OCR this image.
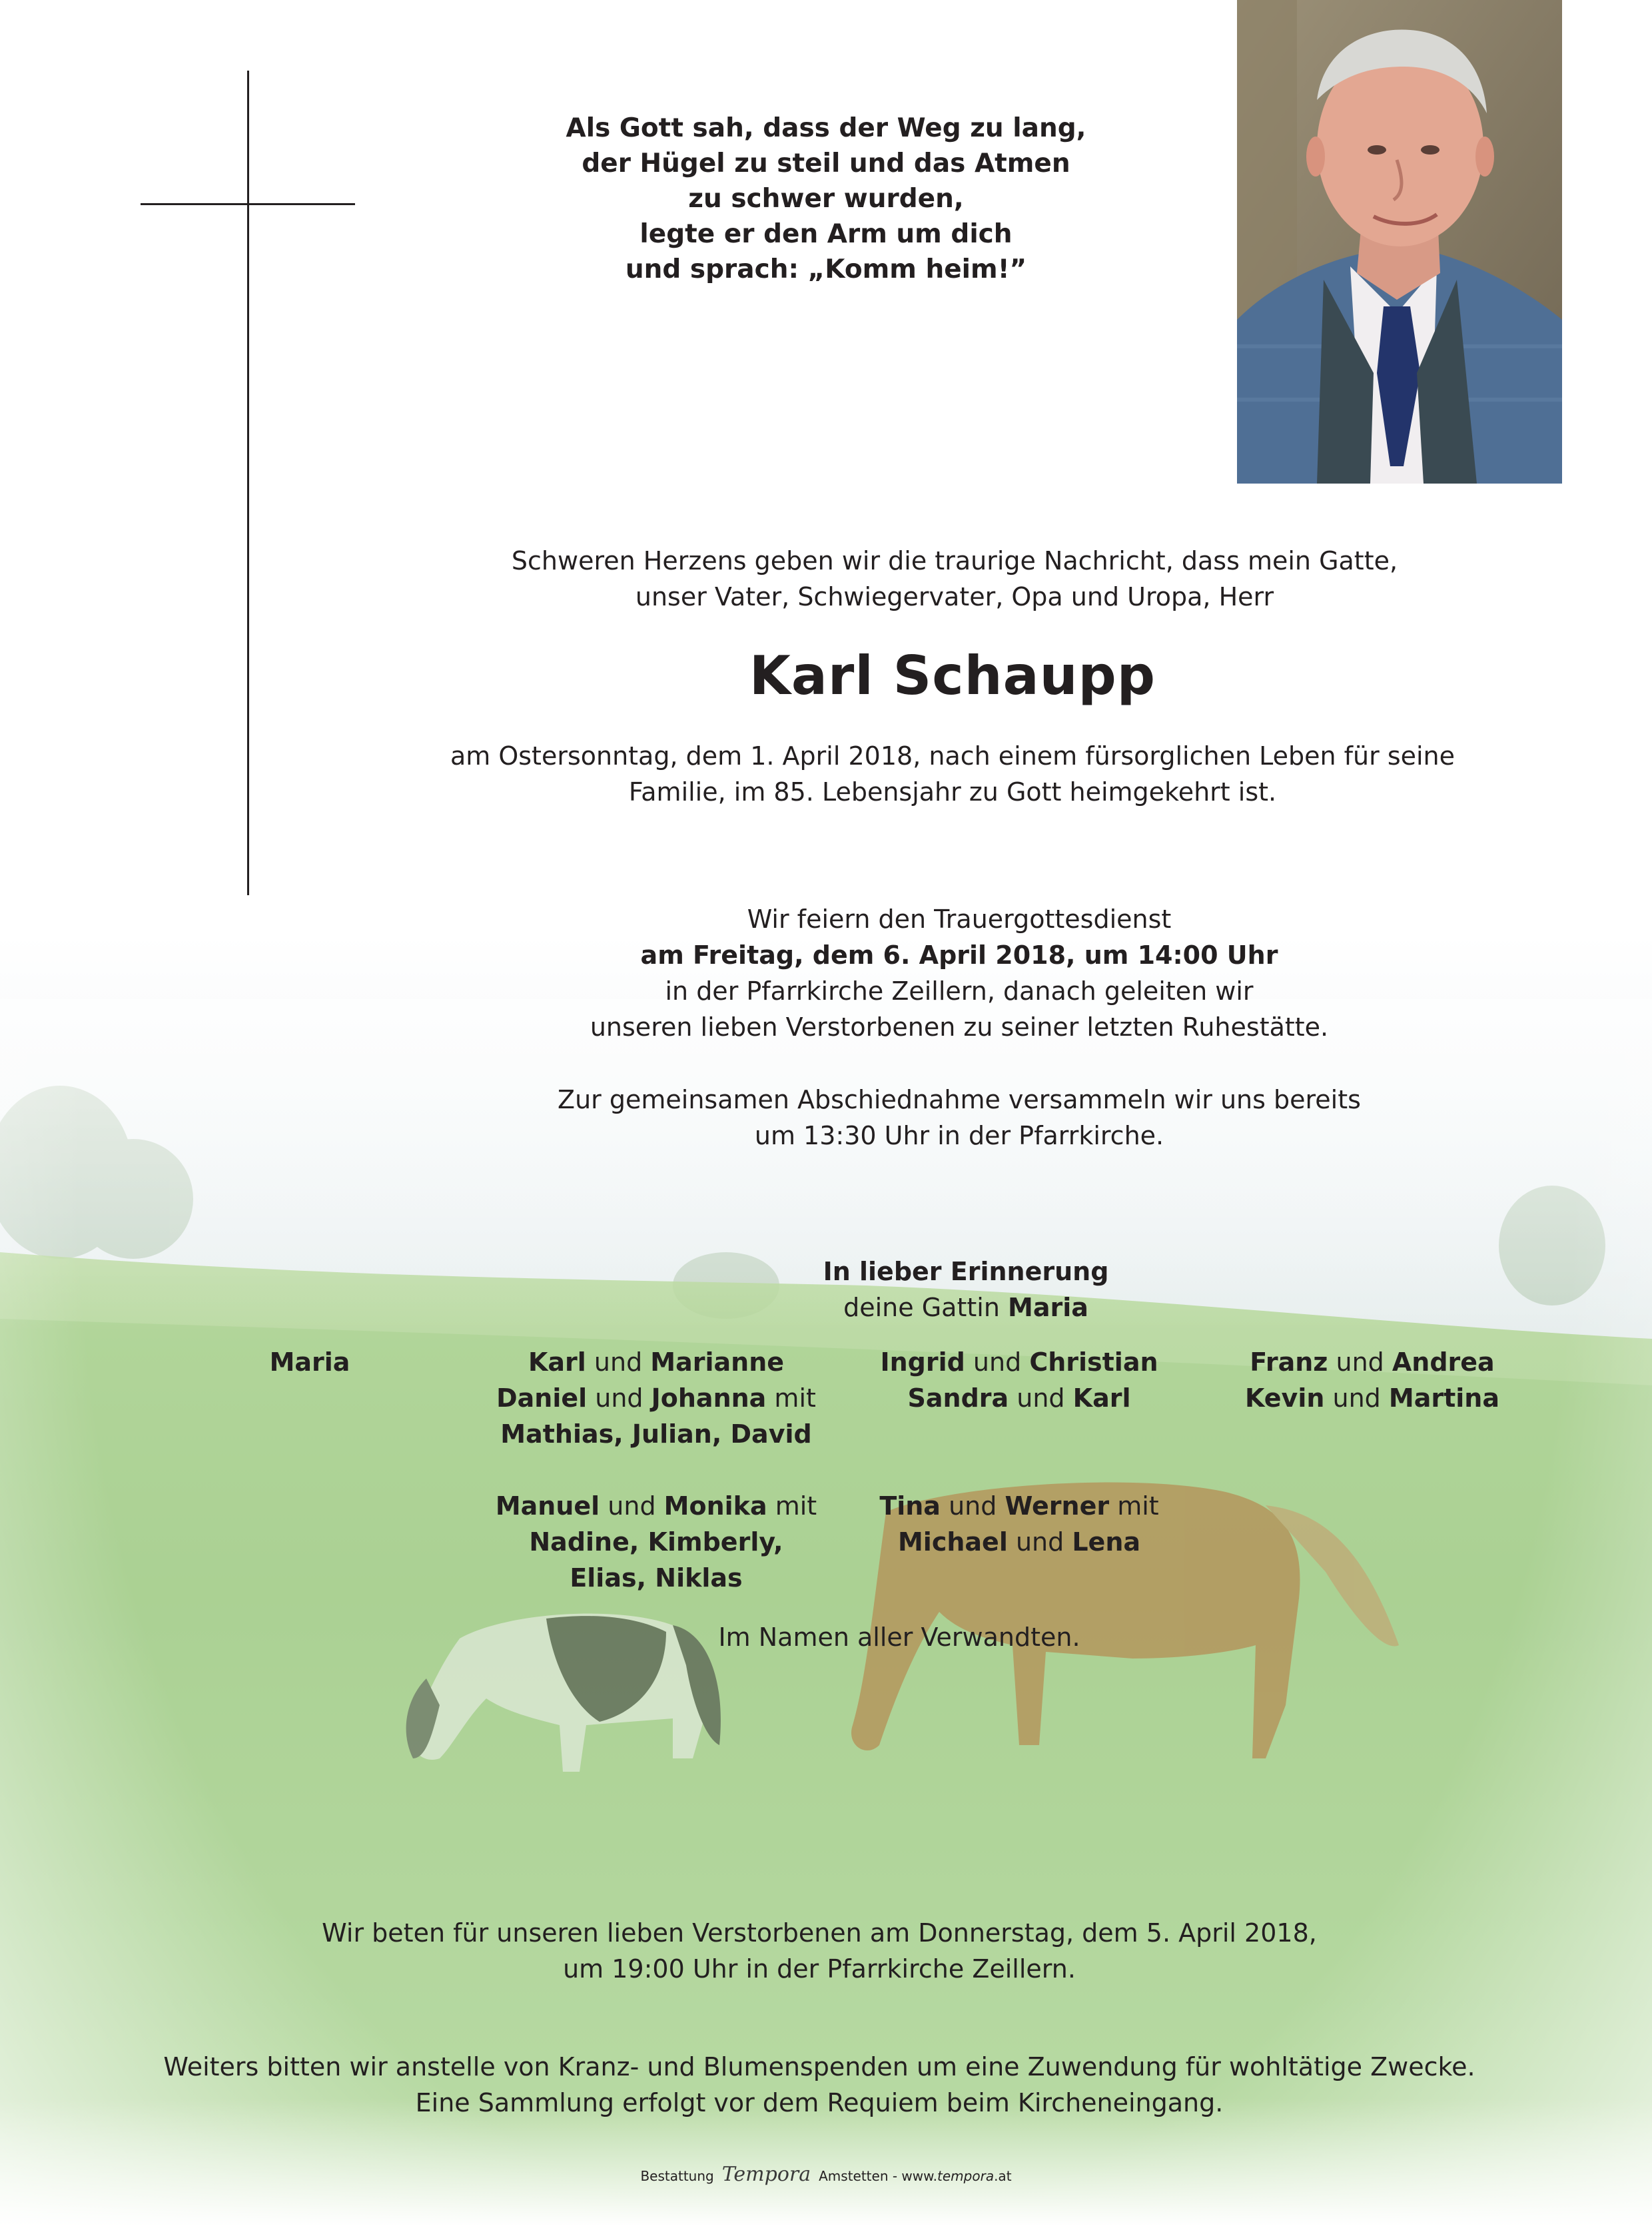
Als Gott sah, dass der Weg zu lang,
der Hügel zu steil und das Atmen
zu schwer wurden,
legte er den Arm um dich
und sprach: „Komm heim!”
Schweren Herzens geben wir die traurige Nachricht, dass mein Gatte,
unser Vater, Schwiegervater, Opa und Uropa, Herr
Karl Schaupp
am Ostersonntag, dem 1. April 2018, nach einem fürsorglichen Leben für seine
Familie, im 85. Lebensjahr zu Gott heimgekehrt ist.
Wir feiern den Trauergottesdienst
am Freitag, dem 6. April 2018, um 14:00 Uhr
in der Pfarrkirche Zeillern, danach geleiten wir
unseren lieben Verstorbenen zu seiner letzten Ruhestätte.
Zur gemeinsamen Abschiednahme versammeln wir uns bereits
um 13:30 Uhr in der Pfarrkirche.
In lieber Erinnerung
deine Gattin Maria
Maria	Karl und Marianne
Daniel und Johanna mit
Mathias, Julian, David
Ingrid und Christian
Sandra und Karl
Franz und Andrea
Kevin und Martina
Manuel und Monika mit
Nadine, Kimberly,
Elias, Niklas
Tina und Werner mit
Michael und Lena
Im Namen aller Verwandten.
Wir beten für unseren lieben Verstorbenen am Donnerstag, dem 5. April 2018,
um 19:00 Uhr in der Pfarrkirche Zeillern.
Weiters bitten wir anstelle von Kranz- und Blumenspenden um eine Zuwendung für wohltätige Zwecke.
Eine Sammlung erfolgt vor dem Requiem beim Kircheneingang.
Bestattung Tempora Amstetten - www.tempora.at
